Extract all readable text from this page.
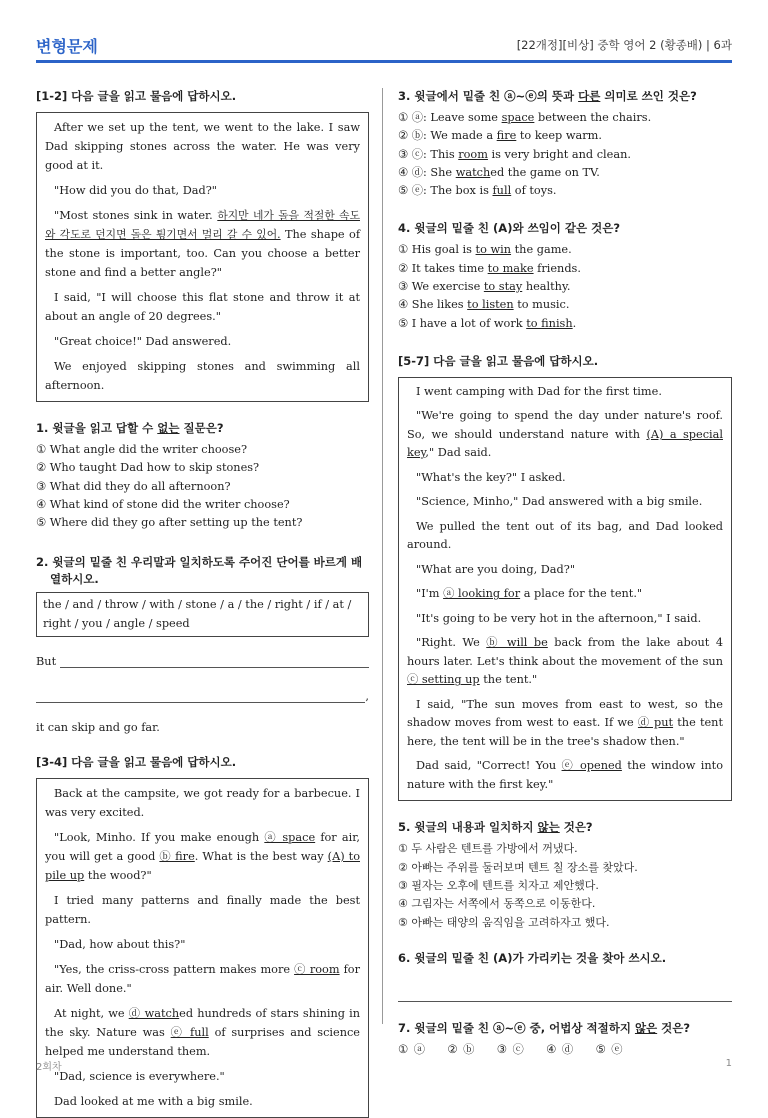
변형문제	[22개정][비상] 중학 영어 2 (황종배) | 6과
[1-2] 다음 글을 읽고 물음에 답하시오.

After we set up the tent, we went to the lake. I saw Dad skipping stones across the water. He was very good at it.

"How did you do that, Dad?"

"Most stones sink in water. 하지만 네가 돌을 적절한 속도와 각도로 던지면 돌은 튕기면서 멀리 갈 수 있어. The shape of the stone is important, too. Can you choose a better stone and find a better angle?"

I said, "I will choose this flat stone and throw it at about an angle of 20 degrees."

"Great choice!" Dad answered.

We enjoyed skipping stones and swimming all afternoon.

1. 윗글을 읽고 답할 수 없는 질문은?

① What angle did the writer choose?

② Who taught Dad how to skip stones?

③ What did they do all afternoon?

④ What kind of stone did the writer choose?

⑤ Where did they go after setting up the tent?

2. 윗글의 밑줄 친 우리말과 일치하도록 주어진 단어를 바르게 배열하시오.
the / and / throw / with / stone / a / the / right / if / at / right / you / angle / speed
But
,

it can skip and go far.

[3-4] 다음 글을 읽고 물음에 답하시오.

Back at the campsite, we got ready for a barbecue. I was very excited.

"Look, Minho. If you make enough ⓐ space for air, you will get a good ⓑ fire. What is the best way (A) to pile up the wood?"

I tried many patterns and finally made the best pattern.

"Dad, how about this?"

"Yes, the criss-cross pattern makes more ⓒ room for air. Well done."

At night, we ⓓ watched hundreds of stars shining in the sky. Nature was ⓔ full of surprises and science helped me understand them.

"Dad, science is everywhere."

Dad looked at me with a big smile.

3. 윗글에서 밑줄 친 ⓐ~ⓔ의 뜻과 다른 의미로 쓰인 것은?

① ⓐ: Leave some space between the chairs.

② ⓑ: We made a fire to keep warm.

③ ⓒ: This room is very bright and clean.

④ ⓓ: She watched the game on TV.

⑤ ⓔ: The box is full of toys.

4. 윗글의 밑줄 친 (A)와 쓰임이 같은 것은?

① His goal is to win the game.

② It takes time to make friends.

③ We exercise to stay healthy.

④ She likes to listen to music.

⑤ I have a lot of work to finish.

[5-7] 다음 글을 읽고 물음에 답하시오.

I went camping with Dad for the first time.

"We're going to spend the day under nature's roof. So, we should understand nature with (A) a special key," Dad said.

"What's the key?" I asked.

"Science, Minho," Dad answered with a big smile.

We pulled the tent out of its bag, and Dad looked around.

"What are you doing, Dad?"

"I'm ⓐ looking for a place for the tent."

"It's going to be very hot in the afternoon," I said.

"Right. We ⓑ will be back from the lake about 4 hours later. Let's think about the movement of the sun ⓒ setting up the tent."

I said, "The sun moves from east to west, so the shadow moves from west to east. If we ⓓ put the tent here, the tent will be in the tree's shadow then."

Dad said, "Correct! You ⓔ opened the window into nature with the first key."

5. 윗글의 내용과 일치하지 않는 것은?

① 두 사람은 텐트를 가방에서 꺼냈다.

② 아빠는 주위를 둘러보며 텐트 칠 장소를 찾았다.

③ 필자는 오후에 텐트를 치자고 제안했다.

④ 그림자는 서쪽에서 동쪽으로 이동한다.

⑤ 아빠는 태양의 움직임을 고려하자고 했다.

6. 윗글의 밑줄 친 (A)가 가리키는 것을 찾아 쓰시오.
7. 윗글의 밑줄 친 ⓐ~ⓔ 중, 어법상 적절하지 않은 것은?

① ⓐ ② ⓑ ③ ⓒ ④ ⓓ ⑤ ⓔ

2회차	1
